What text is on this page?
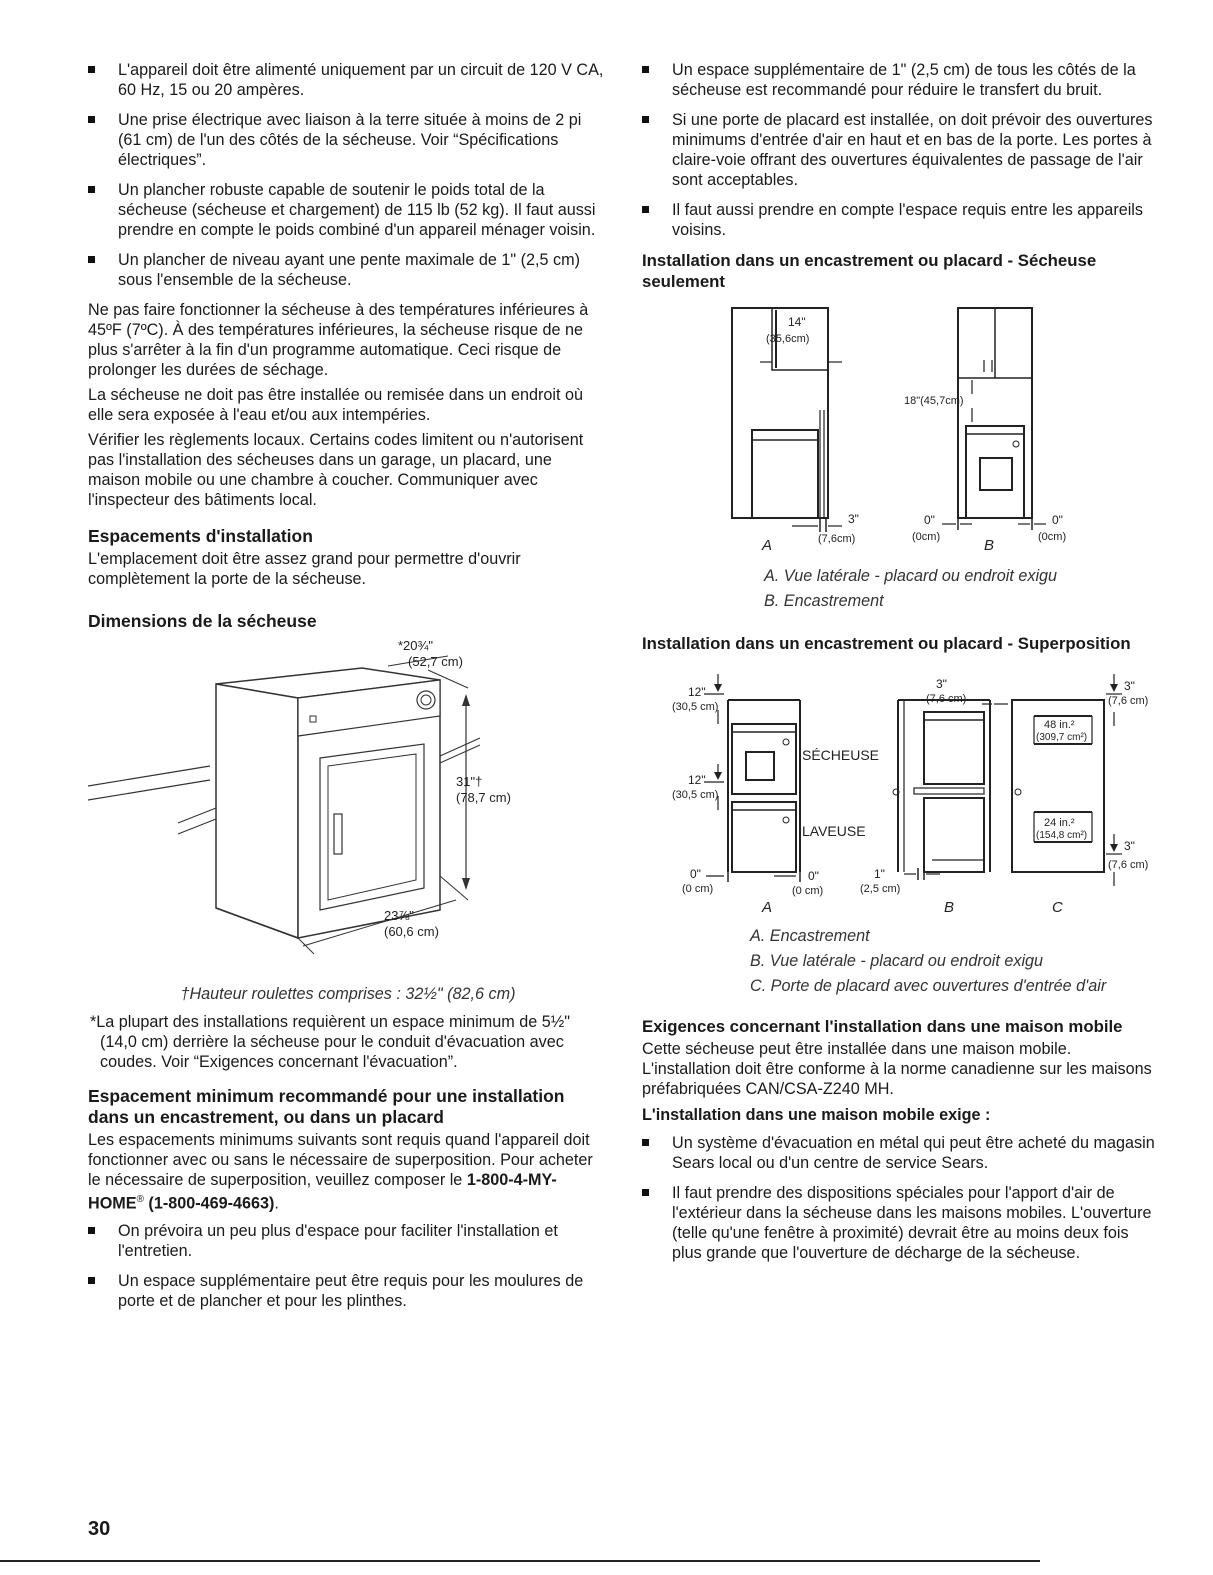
L'appareil doit être alimenté uniquement par un circuit de 120 V CA, 60 Hz, 15 ou 20 ampères.
Une prise électrique avec liaison à la terre située à moins de 2 pi (61 cm) de l'un des côtés de la sécheuse. Voir “Spécifications électriques”.
Un plancher robuste capable de soutenir le poids total de la sécheuse (sécheuse et chargement) de 115 lb (52 kg). Il faut aussi prendre en compte le poids combiné d'un appareil ménager voisin.
Un plancher de niveau ayant une pente maximale de 1" (2,5 cm) sous l'ensemble de la sécheuse.

Ne pas faire fonctionner la sécheuse à des températures inférieures à 45ºF (7ºC). À des températures inférieures, la sécheuse risque de ne plus s'arrêter à la fin d'un programme automatique. Ceci risque de prolonger les durées de séchage.

La sécheuse ne doit pas être installée ou remisée dans un endroit où elle sera exposée à l'eau et/ou aux intempéries.

Vérifier les règlements locaux. Certains codes limitent ou n'autorisent pas l'installation des sécheuses dans un garage, un placard, une maison mobile ou une chambre à coucher. Communiquer avec l'inspecteur des bâtiments local.

Espacements d'installation

L'emplacement doit être assez grand pour permettre d'ouvrir complètement la porte de la sécheuse.

Dimensions de la sécheuse
*20¾"
(52,7 cm)
31"†
(78,7 cm)
23⅞"
(60,6 cm)

†Hauteur roulettes comprises : 32½" (82,6 cm)

*La plupart des installations requièrent un espace minimum de 5½" (14,0 cm) derrière la sécheuse pour le conduit d'évacuation avec coudes. Voir “Exigences concernant l'évacuation”.

Espacement minimum recommandé pour une installation dans un encastrement, ou dans un placard

Les espacements minimums suivants sont requis quand l'appareil doit fonctionner avec ou sans le nécessaire de superposition. Pour acheter le nécessaire de superposition, veuillez composer le 1-800-4-MY-HOME® (1-800-469-4663).

On prévoira un peu plus d'espace pour faciliter l'installation et l'entretien.
Un espace supplémentaire peut être requis pour les moulures de porte et de plancher et pour les plinthes.
Un espace supplémentaire de 1" (2,5 cm) de tous les côtés de la sécheuse est recommandé pour réduire le transfert du bruit.
Si une porte de placard est installée, on doit prévoir des ouvertures minimums d'entrée d'air en haut et en bas de la porte. Les portes à claire-voie offrant des ouvertures équivalentes de passage de l'air sont acceptables.
Il faut aussi prendre en compte l'espace requis entre les appareils voisins.
Installation dans un encastrement ou placard - Sécheuse seulement
14"
(35,6cm)
3"
(7,6cm)
A
18"(45,7cm)
0"
(0cm)
0"
(0cm)
B

A. Vue latérale - placard ou endroit exigu

B. Encastrement

Installation dans un encastrement ou placard - Superposition
12"
(30,5 cm)
12"
(30,5 cm)
SÉCHEUSE
LAVEUSE
0"
(0 cm)
0"
(0 cm)
A
3"
(7,6 cm)
1"
(2,5 cm)
B
48 in.²
(309,7 cm²)
24 in.²
(154,8 cm²)
3"
(7,6 cm)
3"
(7,6 cm)
C

A. Encastrement

B. Vue latérale - placard ou endroit exigu

C. Porte de placard avec ouvertures d'entrée d'air

Exigences concernant l'installation dans une maison mobile

Cette sécheuse peut être installée dans une maison mobile. L'installation doit être conforme à la norme canadienne sur les maisons préfabriquées CAN/CSA-Z240 MH.

L'installation dans une maison mobile exige :

Un système d'évacuation en métal qui peut être acheté du magasin Sears local ou d'un centre de service Sears.
Il faut prendre des dispositions spéciales pour l'apport d'air de l'extérieur dans la sécheuse dans les maisons mobiles. L'ouverture (telle qu'une fenêtre à proximité) devrait être au moins deux fois plus grande que l'ouverture de décharge de la sécheuse.
30
